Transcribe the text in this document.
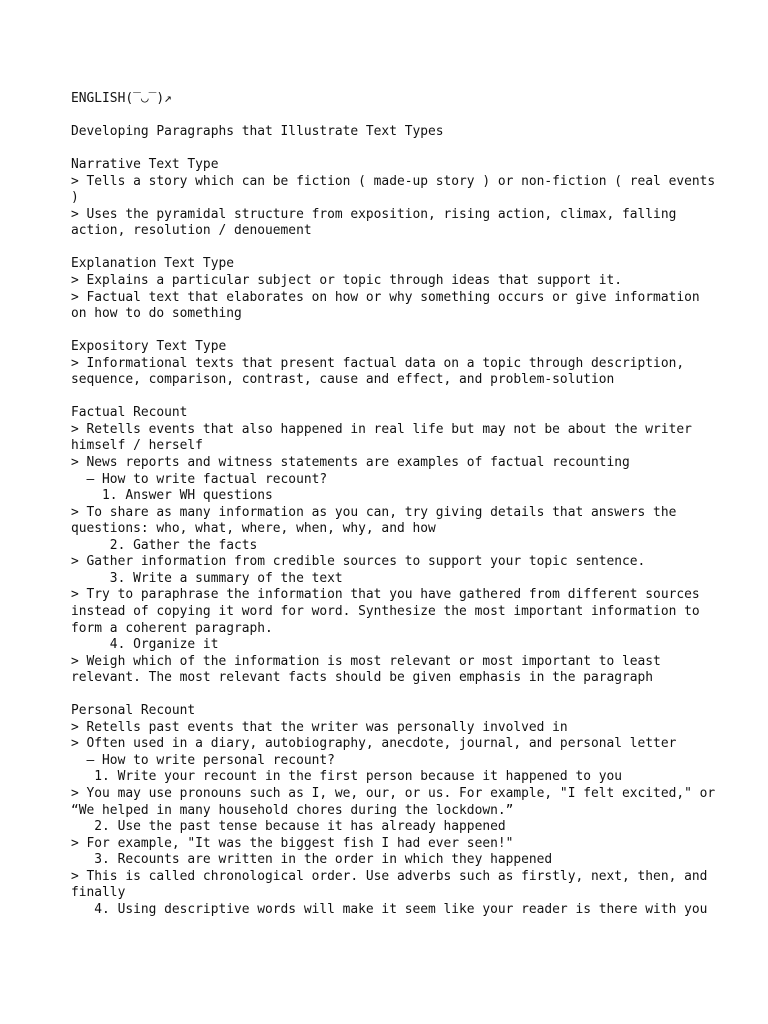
ENGLISH(‾◡‾)↗
Developing Paragraphs that Illustrate Text Types
Narrative Text Type
> Tells a story which can be fiction ( made-up story ) or non-fiction ( real events
)
> Uses the pyramidal structure from exposition, rising action, climax, falling
action, resolution / denouement
Explanation Text Type
> Explains a particular subject or topic through ideas that support it.
> Factual text that elaborates on how or why something occurs or give information
on how to do something
Expository Text Type
> Informational texts that present factual data on a topic through description,
sequence, comparison, contrast, cause and effect, and problem-solution
Factual Recount
> Retells events that also happened in real life but may not be about the writer
himself / herself
> News reports and witness statements are examples of factual recounting
— How to write factual recount?
1. Answer WH questions
> To share as many information as you can, try giving details that answers the
questions: who, what, where, when, why, and how
2. Gather the facts
> Gather information from credible sources to support your topic sentence.
3. Write a summary of the text
> Try to paraphrase the information that you have gathered from different sources
instead of copying it word for word. Synthesize the most important information to
form a coherent paragraph.
4. Organize it
> Weigh which of the information is most relevant or most important to least
relevant. The most relevant facts should be given emphasis in the paragraph
Personal Recount
> Retells past events that the writer was personally involved in
> Often used in a diary, autobiography, anecdote, journal, and personal letter
— How to write personal recount?
1. Write your recount in the first person because it happened to you
> You may use pronouns such as I, we, our, or us. For example, "I felt excited," or
“We helped in many household chores during the lockdown.”
2. Use the past tense because it has already happened
> For example, "It was the biggest fish I had ever seen!"
3. Recounts are written in the order in which they happened
> This is called chronological order. Use adverbs such as firstly, next, then, and
finally
4. Using descriptive words will make it seem like your reader is there with you
